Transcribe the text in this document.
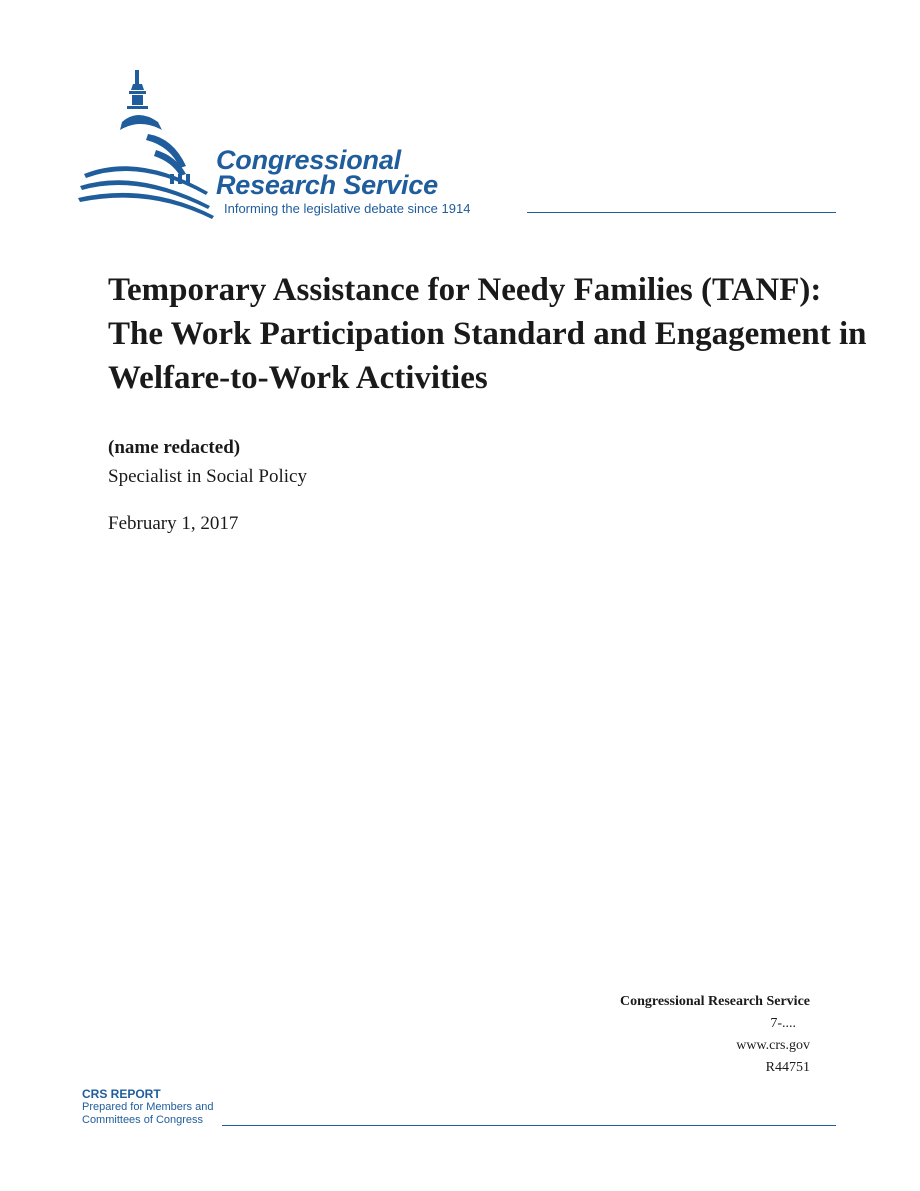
Congressional
Research Service
Informing the legislative debate since 1914
Temporary Assistance for Needy Families (TANF): The Work Participation Standard and Engagement in Welfare-to-Work Activities
(name redacted)
Specialist in Social Policy
February 1, 2017
Congressional Research Service
7-....
www.crs.gov
R44751
CRS REPORT
Prepared for Members and
Committees of Congress
